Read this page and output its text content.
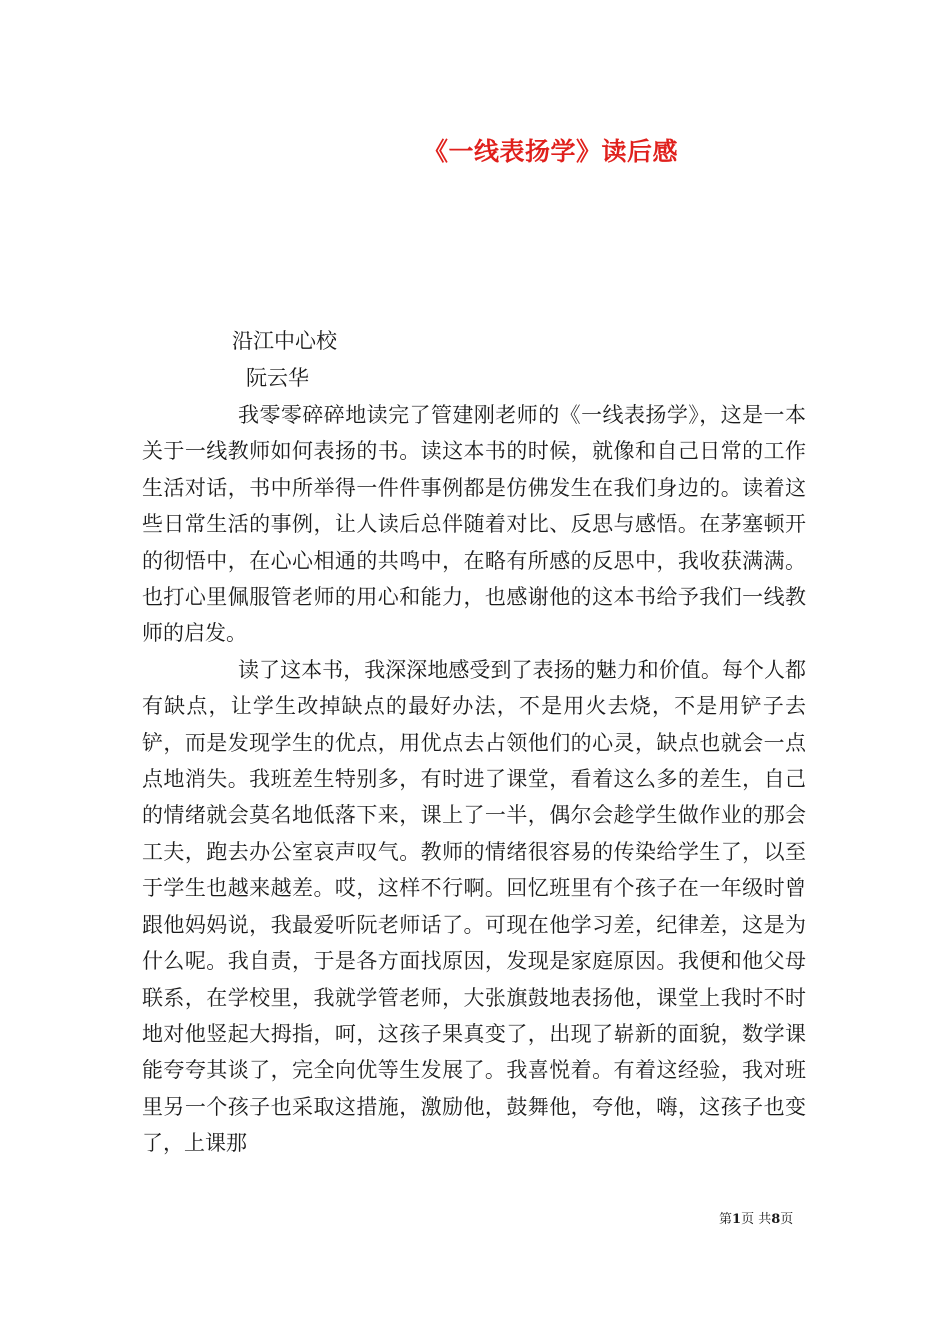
《一线表扬学》读后感
沿江中心校
阮云华

我零零碎碎地读完了管建刚老师的《一线表扬学》，这是一本关于一线教师如何表扬的书。读这本书的时候，就像和自己日常的工作生活对话，书中所举得一件件事例都是仿佛发生在我们身边的。读着这些日常生活的事例，让人读后总伴随着对比、反思与感悟。在茅塞顿开的彻悟中，在心心相通的共鸣中，在略有所感的反思中，我收获满满。也打心里佩服管老师的用心和能力，也感谢他的这本书给予我们一线教师的启发。

读了这本书，我深深地感受到了表扬的魅力和价值。每个人都有缺点，让学生改掉缺点的最好办法，不是用火去烧，不是用铲子去铲，而是发现学生的优点，用优点去占领他们的心灵，缺点也就会一点点地消失。我班差生特别多，有时进了课堂，看着这么多的差生，自己的情绪就会莫名地低落下来，课上了一半，偶尔会趁学生做作业的那会工夫，跑去办公室哀声叹气。教师的情绪很容易的传染给学生了，以至于学生也越来越差。哎，这样不行啊。回忆班里有个孩子在一年级时曾跟他妈妈说，我最爱听阮老师话了。可现在他学习差，纪律差，这是为什么呢。我自责，于是各方面找原因，发现是家庭原因。我便和他父母联系，在学校里，我就学管老师，大张旗鼓地表扬他，课堂上我时不时地对他竖起大拇指，呵，这孩子果真变了，出现了崭新的面貌，数学课能夸夸其谈了，完全向优等生发展了。我喜悦着。有着这经验，我对班里另一个孩子也采取这措施，激励他，鼓舞他，夸他，嗨，这孩子也变了，上课那

第1页 共8页
